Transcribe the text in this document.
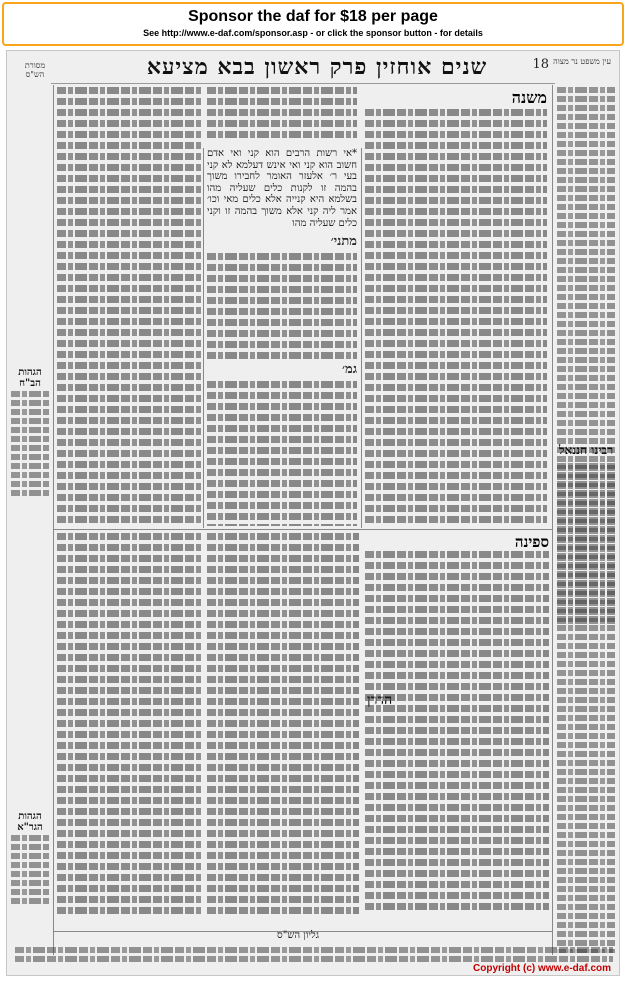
Sponsor the daf for $18 per page
See http://www.e-daf.com/sponsor.asp - or click the sponsor button - for details
18
שנים אוחזין פרק ראשון בבא מציעא	עין משפט נר מצוה
מסורת הש"ס
רבינו חננאל
משנה
*אי רשות הרבים הוא קני ואי אדם חשוב הוא קני ואי אינש דעלמא לא קני בעי ר׳ אלעזר האומר לחבירו משוך בהמה זו לקנות כלים שעליה מהו בשלמא היא קנייה אלא כלים מאי וכו׳ אמר ליה קני אלא משוך בהמה זו וקני כלים שעליה מהו
מתני׳
גמ׳
הגהות הב"ח
הגהות הגר"א
ספינה
גליון הש"ס
Copyright (c) www.e-daf.com
